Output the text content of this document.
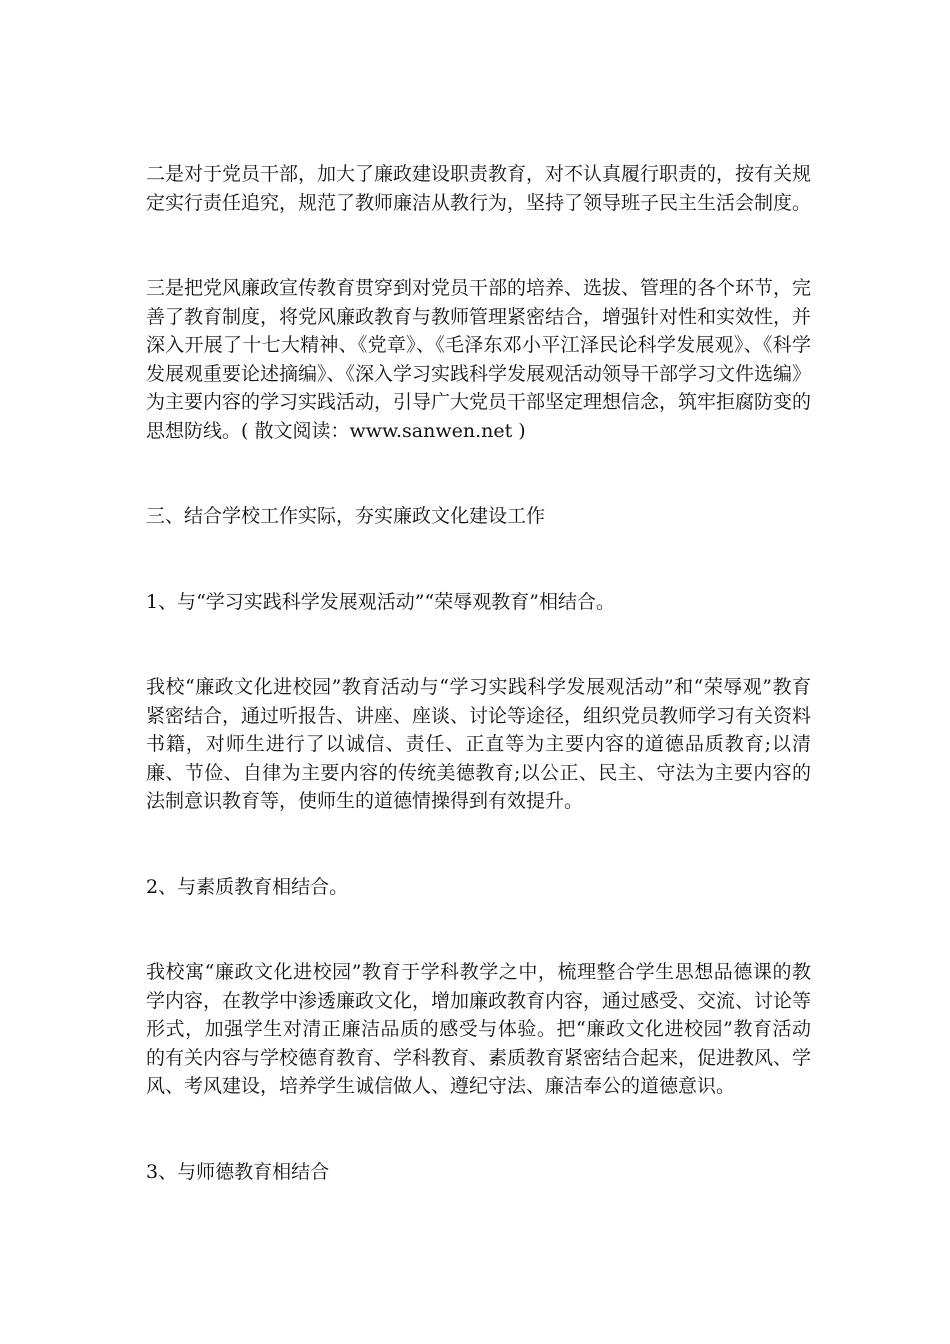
二是对于党员干部，加大了廉政建设职责教育，对不认真履行职责的，按有关规定实行责任追究，规范了教师廉洁从教行为，坚持了领导班子民主生活会制度。

三是把党风廉政宣传教育贯穿到对党员干部的培养、选拔、管理的各个环节，完善了教育制度，将党风廉政教育与教师管理紧密结合，增强针对性和实效性，并深入开展了十七大精神、《党章》、《毛泽东邓小平江泽民论科学发展观》、《科学发展观重要论述摘编》、《深入学习实践科学发展观活动领导干部学习文件选编》为主要内容的学习实践活动，引导广大党员干部坚定理想信念，筑牢拒腐防变的思想防线。( 散文阅读：www.sanwen.net )

三、结合学校工作实际，夯实廉政文化建设工作

1、与“学习实践科学发展观活动”“荣辱观教育”相结合。

我校“廉政文化进校园”教育活动与“学习实践科学发展观活动”和“荣辱观”教育紧密结合，通过听报告、讲座、座谈、讨论等途径，组织党员教师学习有关资料书籍，对师生进行了以诚信、责任、正直等为主要内容的道德品质教育;以清廉、节俭、自律为主要内容的传统美德教育;以公正、民主、守法为主要内容的法制意识教育等，使师生的道德情操得到有效提升。

2、与素质教育相结合。

我校寓“廉政文化进校园”教育于学科教学之中，梳理整合学生思想品德课的教学内容，在教学中渗透廉政文化，增加廉政教育内容，通过感受、交流、讨论等形式，加强学生对清正廉洁品质的感受与体验。把“廉政文化进校园”教育活动的有关内容与学校德育教育、学科教育、素质教育紧密结合起来，促进教风、学风、考风建设，培养学生诚信做人、遵纪守法、廉洁奉公的道德意识。

3、与师德教育相结合
